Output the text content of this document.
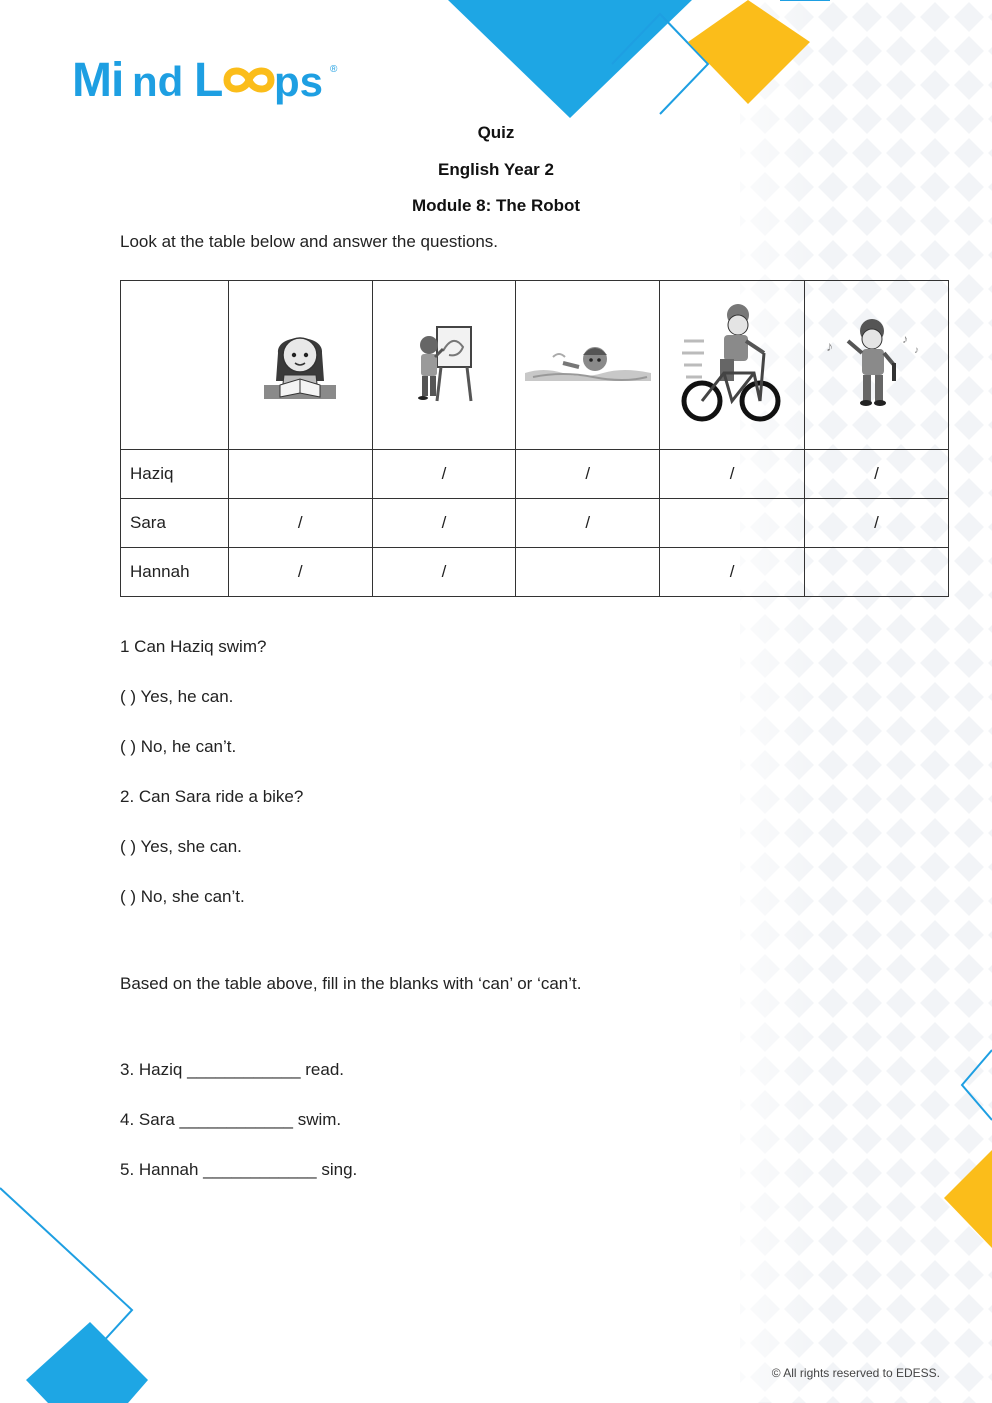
Mi nd L ps ®
Quiz
English Year 2
Module 8: The Robot
Look at the table below and answer the questions.

♪ ♪
♪

Haziq		/	/	/	/
Sara	/	/	/		/
Hannah	/	/		/	
1 Can Haziq swim?
( ) Yes, he can.
( ) No, he can’t.
2. Can Sara ride a bike?
( ) Yes, she can.
( ) No, she can’t.
Based on the table above, fill in the blanks with ‘can’ or ‘can’t.
3. Haziq ____________ read.
4. Sara ____________ swim.
5. Hannah ____________ sing.
© All rights reserved to EDESS.
